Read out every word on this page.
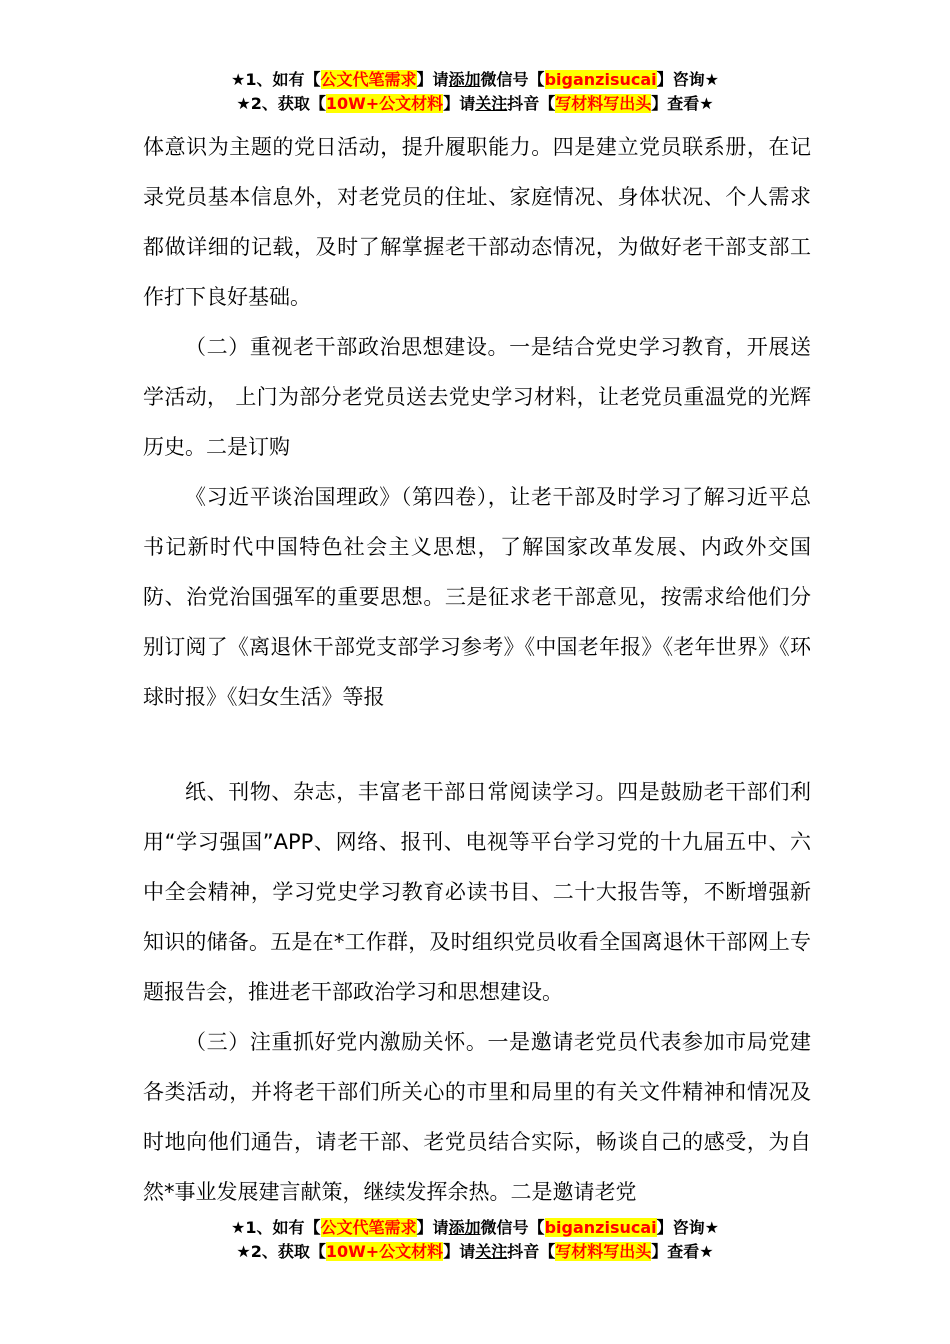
★1、如有【公文代笔需求】请添加微信号【biganzisucai】咨询★
★2、获取【10W+公文材料】请关注抖音【写材料写出头】查看★

体意识为主题的党日活动，提升履职能力。四是建立党员联系册，在记录党员基本信息外，对老党员的住址、家庭情况、身体状况、个人需求都做详细的记载，及时了解掌握老干部动态情况，为做好老干部支部工作打下良好基础。

（二）重视老干部政治思想建设。一是结合党史学习教育，开展送学活动， 上门为部分老党员送去党史学习材料，让老党员重温党的光辉历史。二是订购

《习近平谈治国理政》（第四卷），让老干部及时学习了解习近平总书记新时代中国特色社会主义思想，了解国家改革发展、内政外交国防、治党治国强军的重要思想。三是征求老干部意见，按需求给他们分别订阅了《离退休干部党支部学习参考》《中国老年报》《老年世界》《环球时报》《妇女生活》等报

纸、刊物、杂志，丰富老干部日常阅读学习。四是鼓励老干部们利用“学习强国”APP、网络、报刊、电视等平台学习党的十九届五中、六中全会精神，学习党史学习教育必读书目、二十大报告等，不断增强新知识的储备。五是在*工作群，及时组织党员收看全国离退休干部网上专题报告会，推进老干部政治学习和思想建设。

（三）注重抓好党内激励关怀。一是邀请老党员代表参加市局党建各类活动，并将老干部们所关心的市里和局里的有关文件精神和情况及时地向他们通告，请老干部、老党员结合实际，畅谈自己的感受，为自然*事业发展建言献策，继续发挥余热。二是邀请老党

★1、如有【公文代笔需求】请添加微信号【biganzisucai】咨询★
★2、获取【10W+公文材料】请关注抖音【写材料写出头】查看★
